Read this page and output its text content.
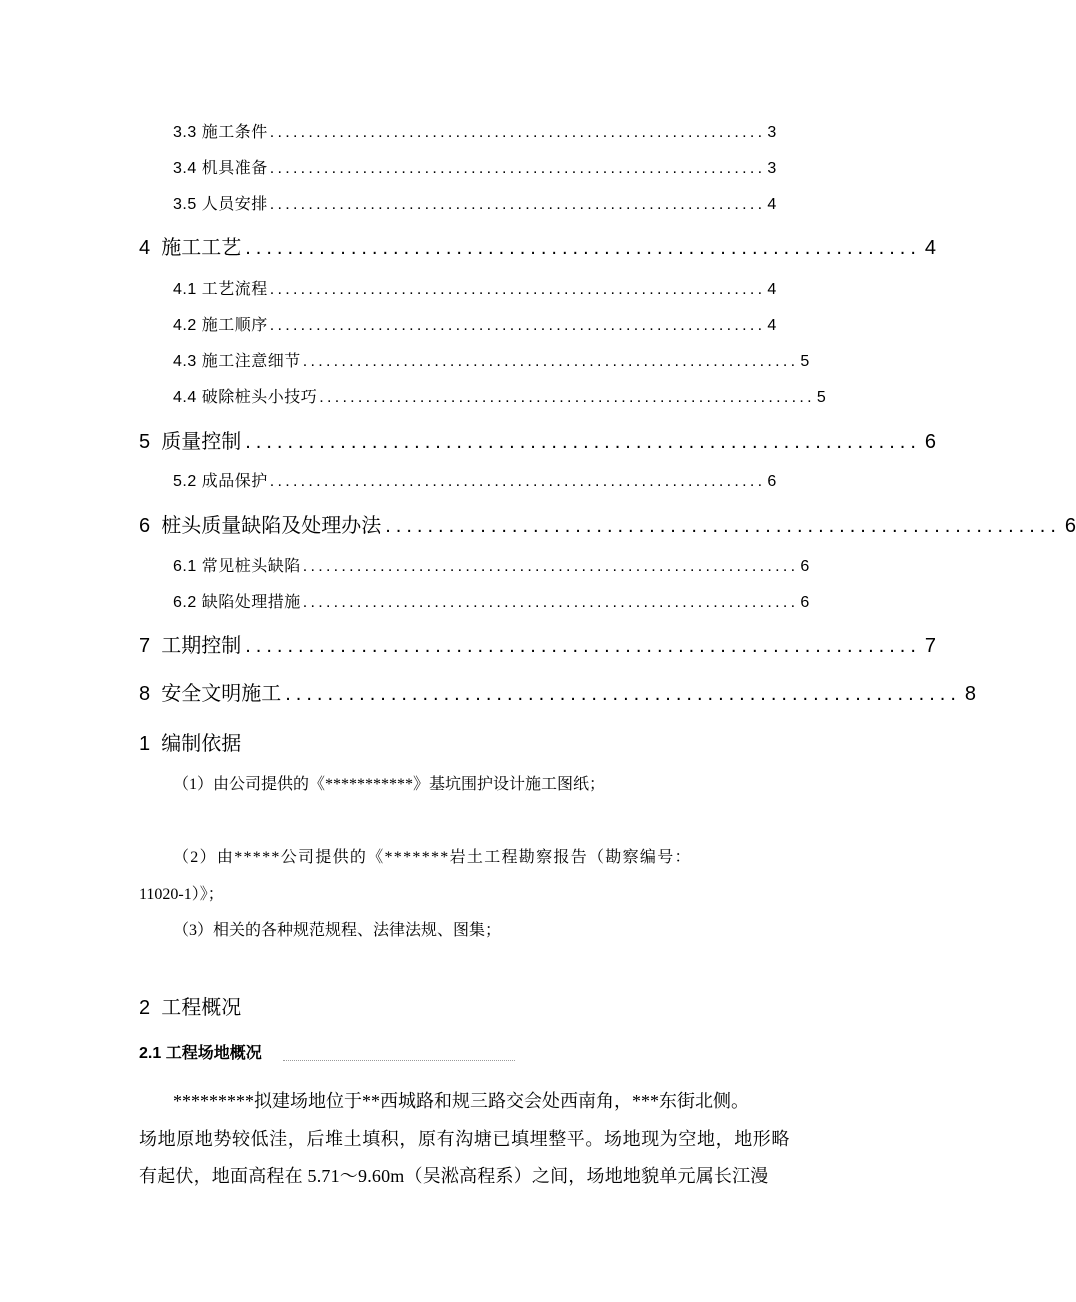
3.3 施工条件 ................................................................ 3
3.4 机具准备 ................................................................ 3
3.5 人员安排 ................................................................ 4
4  施工工艺 ................................................................ 4
4.1 工艺流程 ................................................................ 4
4.2 施工顺序 ................................................................ 4
4.3 施工注意细节 ................................................................ 5
4.4 破除桩头小技巧 ................................................................ 5
5  质量控制 ................................................................ 6
5.2 成品保护 ................................................................ 6
6  桩头质量缺陷及处理办法 ................................................................ 6
6.1 常见桩头缺陷 ................................................................ 6
6.2 缺陷处理措施 ................................................................ 6
7  工期控制 ................................................................ 7
8  安全文明施工 ................................................................ 8
1  编制依据
（1）由公司提供的《***********》基坑围护设计施工图纸；
（2）由*****公司提供的《*******岩土工程勘察报告（勘察编号：
11020-1）》；
（3）相关的各种规范规程、法律法规、图集；
2  工程概况
2.1 工程场地概况
*********拟建场地位于**西城路和规三路交会处西南角，***东街北侧。
场地原地势较低洼，后堆土填积，原有沟塘已填埋整平。场地现为空地，地形略
有起伏，地面高程在 5.71～9.60m（吴淞高程系）之间，场地地貌单元属长江漫
